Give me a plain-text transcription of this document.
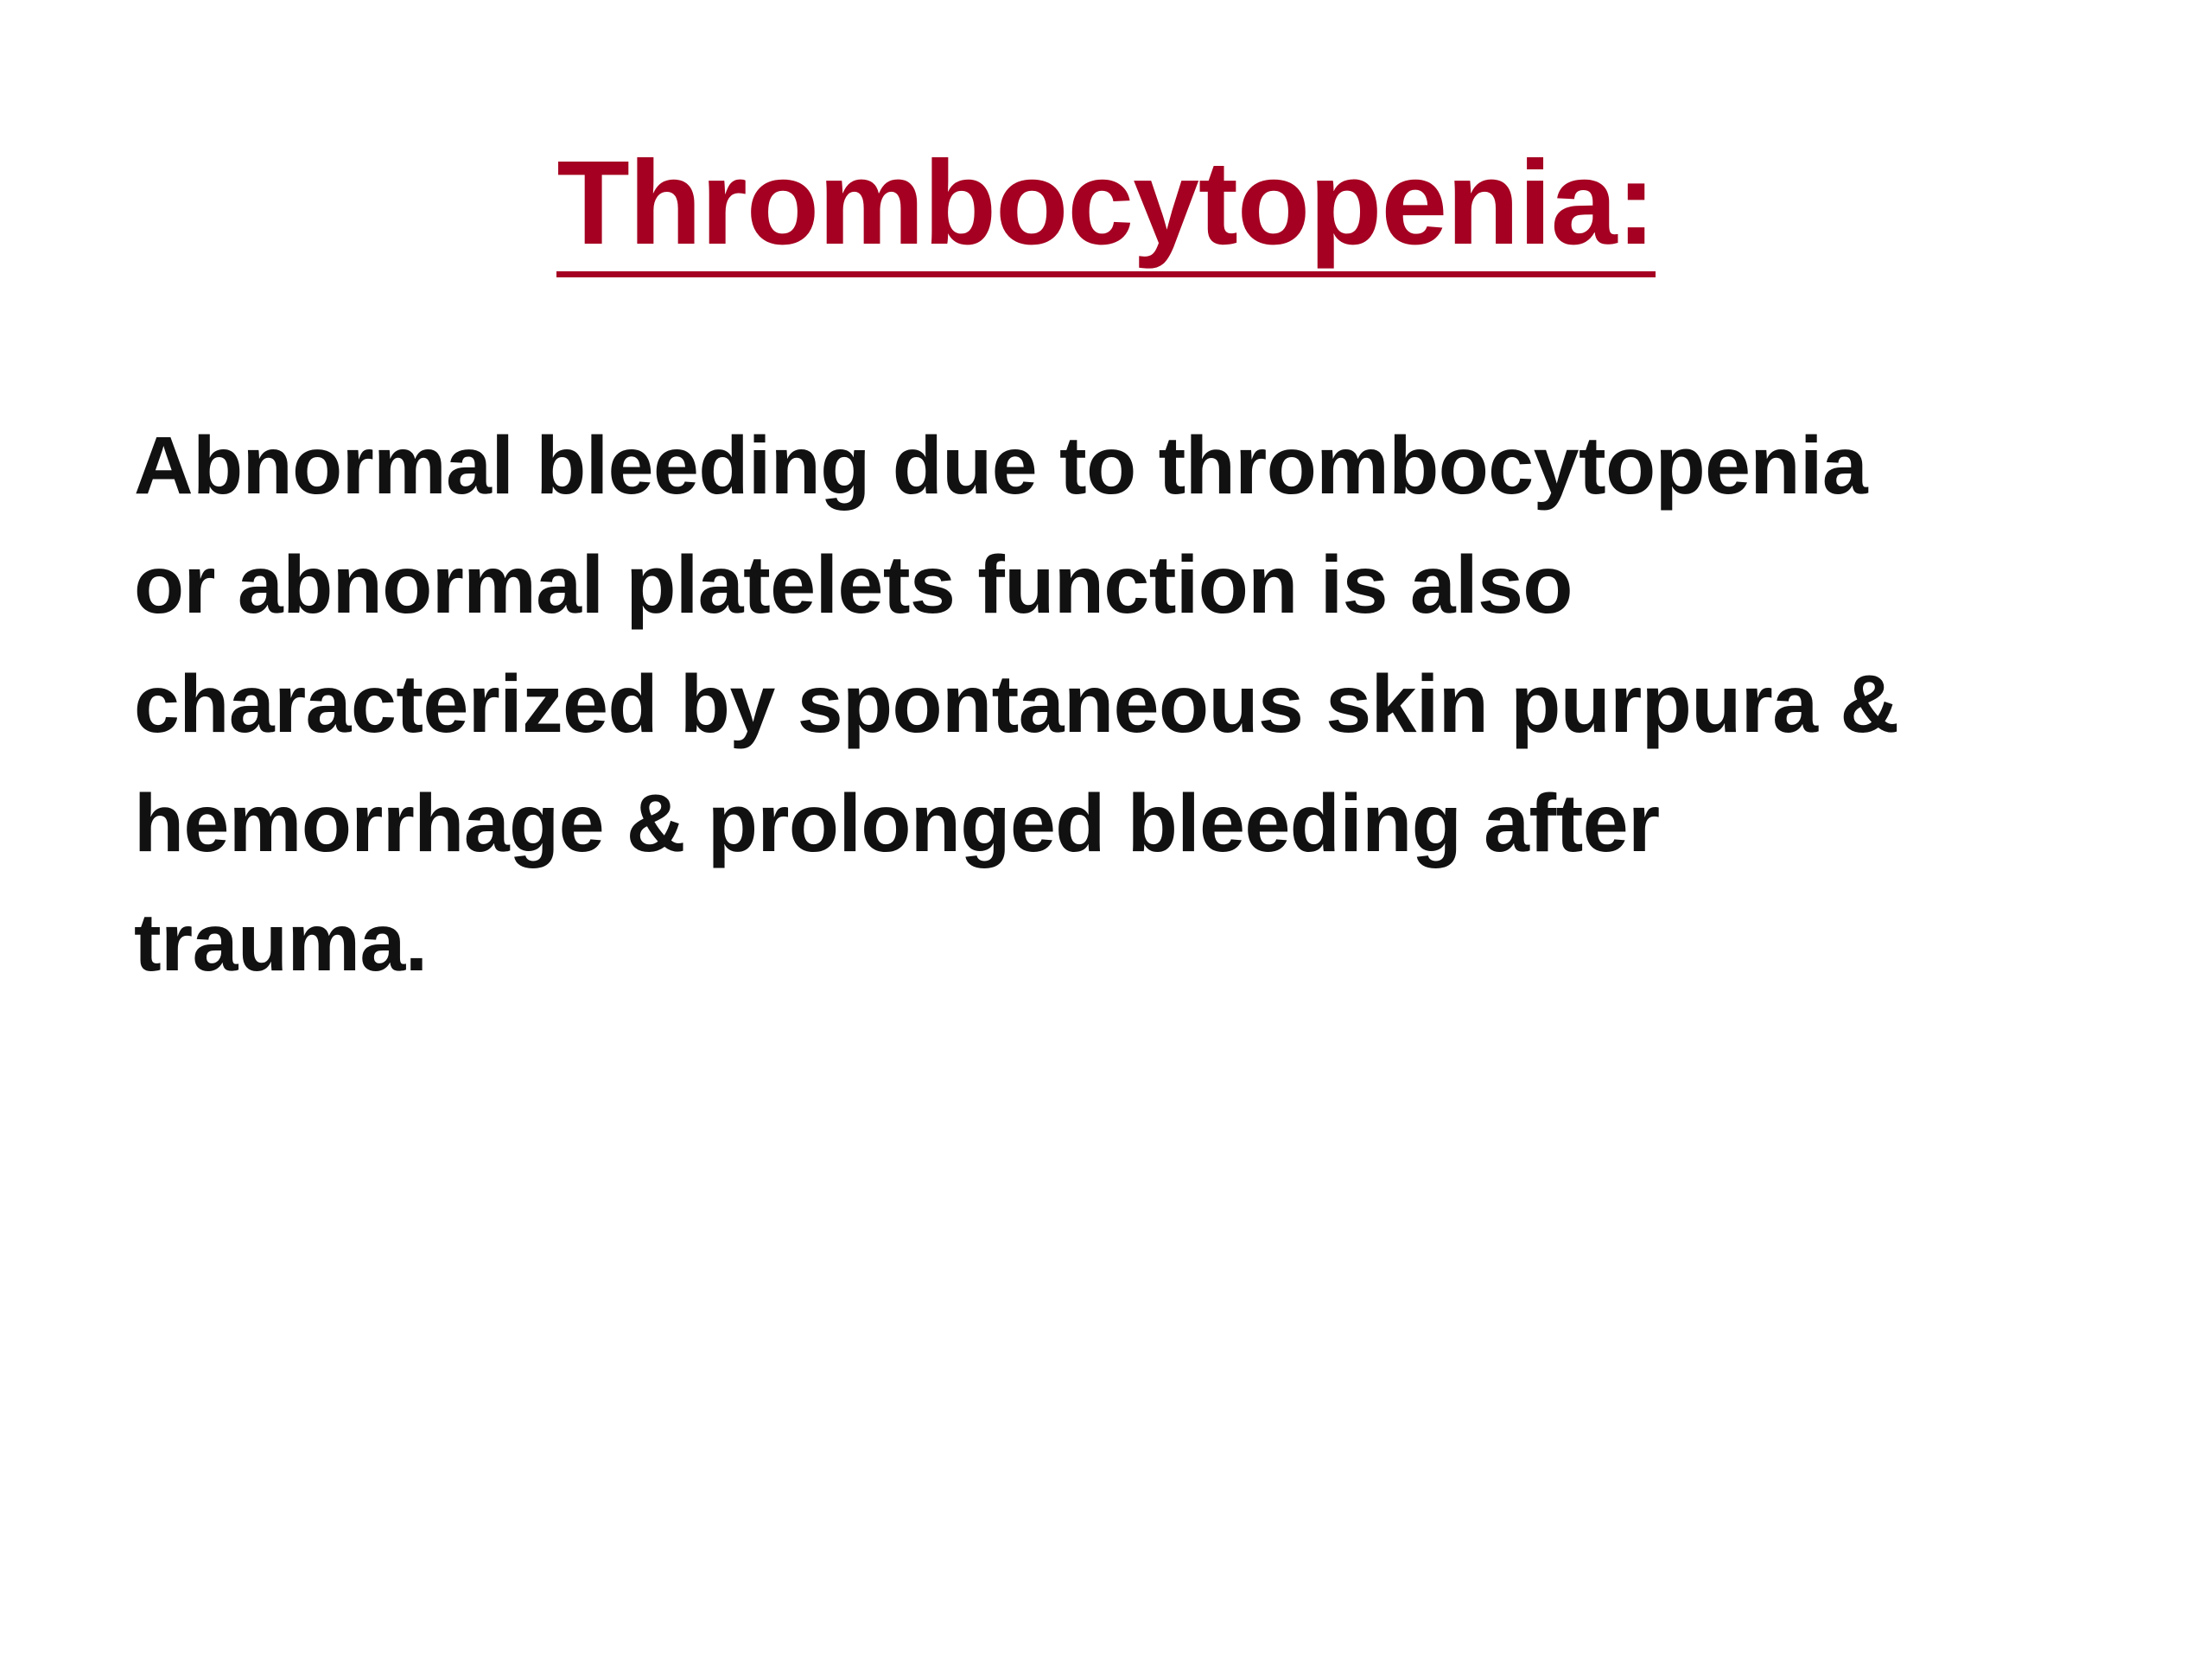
Thrombocytopenia:

Abnormal bleeding due to thrombocytopenia
or abnormal platelets function is also
characterized by spontaneous skin purpura &
hemorrhage & prolonged bleeding after
trauma.
